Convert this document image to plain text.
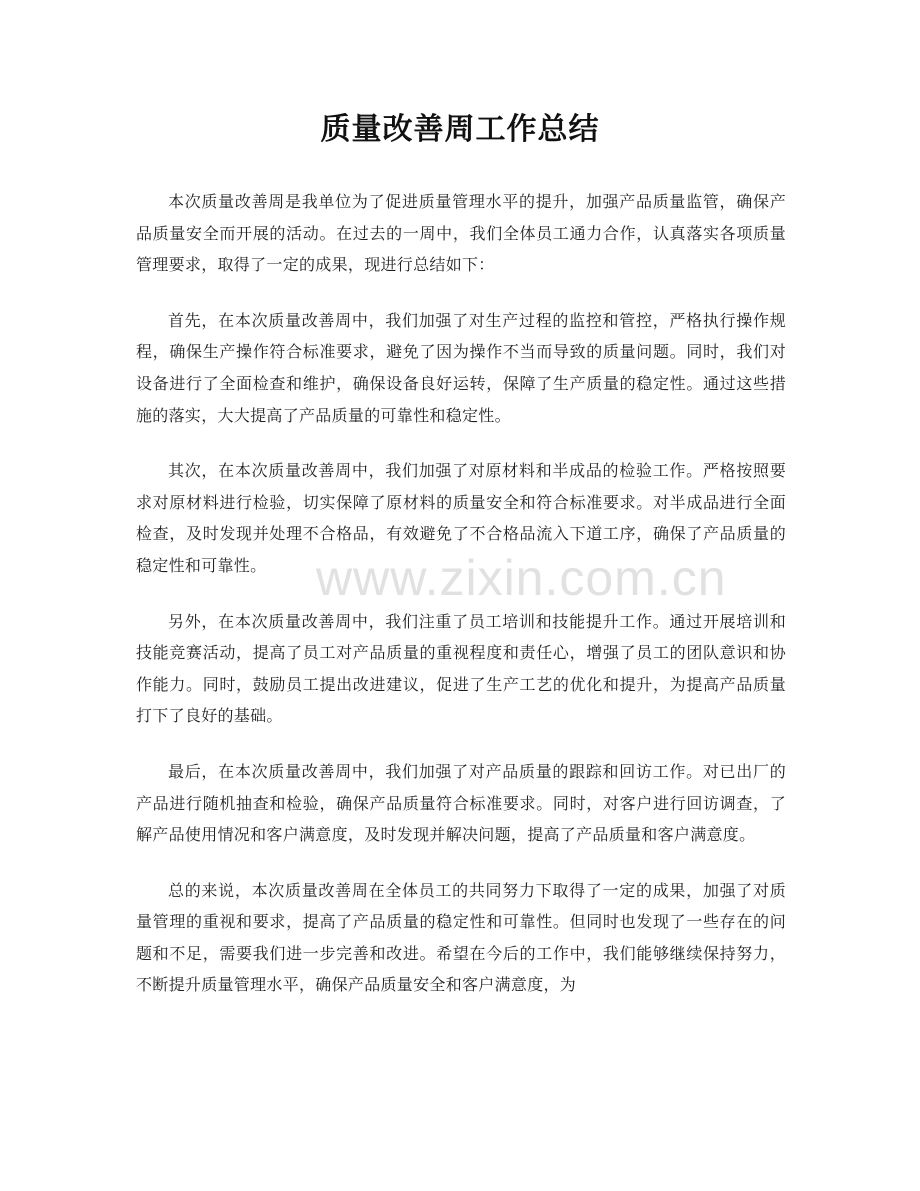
质量改善周工作总结

本次质量改善周是我单位为了促进质量管理水平的提升，加强产品质量监管，确保产品质量安全而开展的活动。在过去的一周中，我们全体员工通力合作，认真落实各项质量管理要求，取得了一定的成果，现进行总结如下：

首先，在本次质量改善周中，我们加强了对生产过程的监控和管控，严格执行操作规程，确保生产操作符合标准要求，避免了因为操作不当而导致的质量问题。同时，我们对设备进行了全面检查和维护，确保设备良好运转，保障了生产质量的稳定性。通过这些措施的落实，大大提高了产品质量的可靠性和稳定性。

其次，在本次质量改善周中，我们加强了对原材料和半成品的检验工作。严格按照要求对原材料进行检验，切实保障了原材料的质量安全和符合标准要求。对半成品进行全面检查，及时发现并处理不合格品，有效避免了不合格品流入下道工序，确保了产品质量的稳定性和可靠性。

另外，在本次质量改善周中，我们注重了员工培训和技能提升工作。通过开展培训和技能竞赛活动，提高了员工对产品质量的重视程度和责任心，增强了员工的团队意识和协作能力。同时，鼓励员工提出改进建议，促进了生产工艺的优化和提升，为提高产品质量打下了良好的基础。

最后，在本次质量改善周中，我们加强了对产品质量的跟踪和回访工作。对已出厂的产品进行随机抽查和检验，确保产品质量符合标准要求。同时，对客户进行回访调查，了解产品使用情况和客户满意度，及时发现并解决问题，提高了产品质量和客户满意度。

总的来说，本次质量改善周在全体员工的共同努力下取得了一定的成果，加强了对质量管理的重视和要求，提高了产品质量的稳定性和可靠性。但同时也发现了一些存在的问题和不足，需要我们进一步完善和改进。希望在今后的工作中，我们能够继续保持努力，不断提升质量管理水平，确保产品质量安全和客户满意度，为

www.zixin.com.cn
